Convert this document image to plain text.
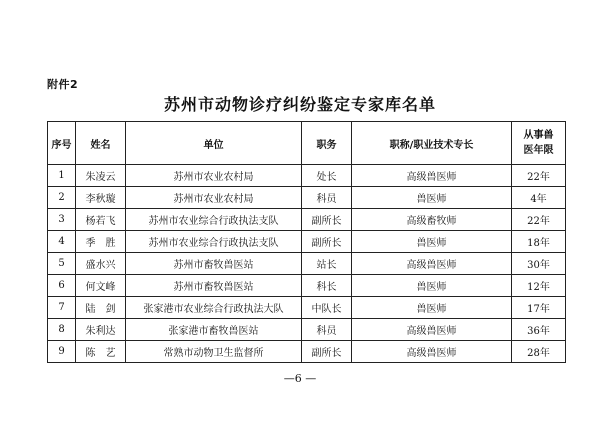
附件2
苏州市动物诊疗纠纷鉴定专家库名单
序号	姓名	单位	职务	职称/职业技术专长	从事兽
医年限

1	朱凌云	苏州市农业农村局	处长	高级兽医师	22年
2	李秋璇	苏州市农业农村局	科员	兽医师	4年
3	杨若飞	苏州市农业综合行政执法支队	副所长	高级畜牧师	22年
4	季　胜	苏州市农业综合行政执法支队	副所长	兽医师	18年
5	盛水兴	苏州市畜牧兽医站	站长	高级兽医师	30年
6	何文峰	苏州市畜牧兽医站	科长	兽医师	12年
7	陆　剑	张家港市农业综合行政执法大队	中队长	兽医师	17年
8	朱利达	张家港市畜牧兽医站	科员	高级兽医师	36年
9	陈　艺	常熟市动物卫生监督所	副所长	高级兽医师	28年
—6 —
